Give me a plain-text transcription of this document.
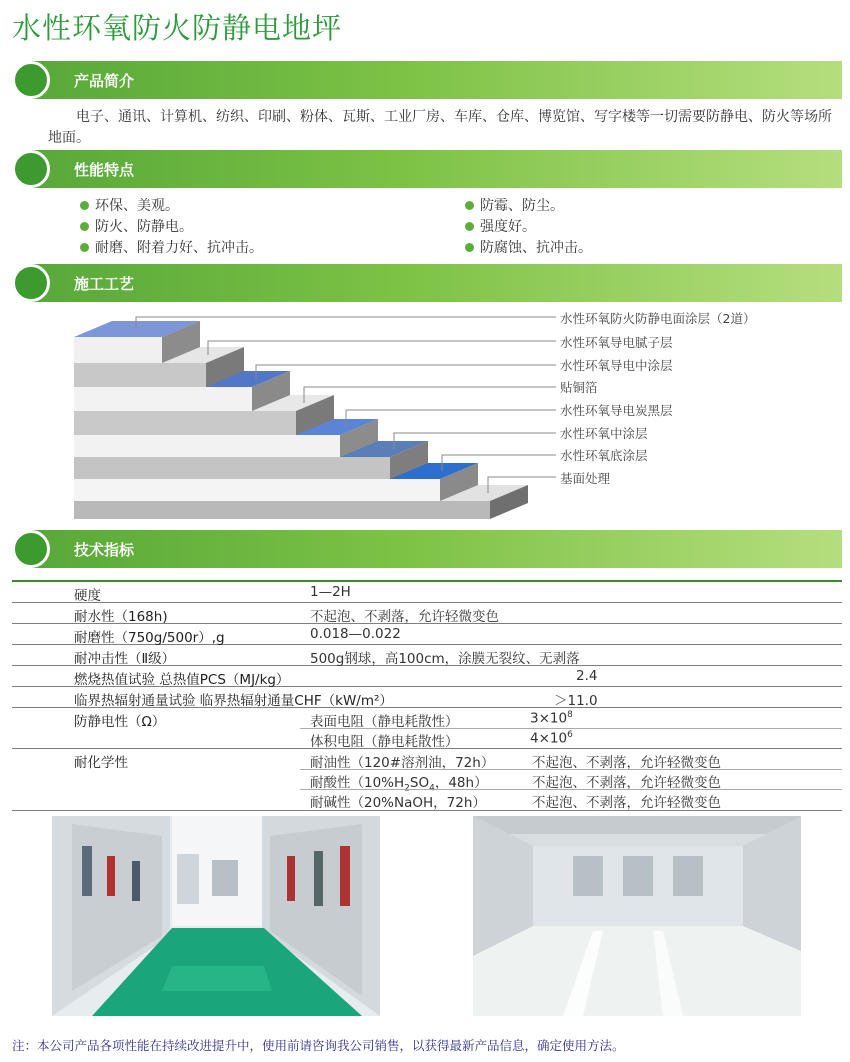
水性环氧防火防静电地坪
产品简介
电子、通讯、计算机、纺织、印刷、粉体、瓦斯、工业厂房、车库、仓库、博览馆、写字楼等一切需要防静电、防火等场所地面。
性能特点
环保、美观。
防火、防静电。
耐磨、附着力好、抗冲击。
防霉、防尘。
强度好。
防腐蚀、抗冲击。
施工工艺
水性环氧防火防静电面涂层（2道）
水性环氧导电腻子层
水性环氧导电中涂层
贴铜箔
水性环氧导电炭黑层
水性环氧中涂层
水性环氧底涂层
基面处理
技术指标
硬度	1—2H
耐水性（168h)	不起泡、不剥落，允许轻微变色
耐磨性（750g/500r）,g	0.018—0.022
耐冲击性（Ⅱ级）	500g钢球，高100cm，涂膜无裂纹、无剥落
燃烧热值试验 总热值PCS（MJ/kg）	2.4
临界热辐射通量试验 临界热辐射通量CHF（kW/m²）	＞11.0
防静电性（Ω）	表面电阻（静电耗散性）	$3\times 10^8$
体积电阻（静电耗散性）	$4\times 10^6$
耐化学性	耐油性（120#溶剂油，72h）	不起泡、不剥落，允许轻微变色
耐酸性（$10\%H_2SO_4$，48h）	不起泡、不剥落，允许轻微变色
耐碱性（20%NaOH，72h）	不起泡、不剥落，允许轻微变色
注：本公司产品各项性能在持续改进提升中，使用前请咨询我公司销售，以获得最新产品信息，确定使用方法。
